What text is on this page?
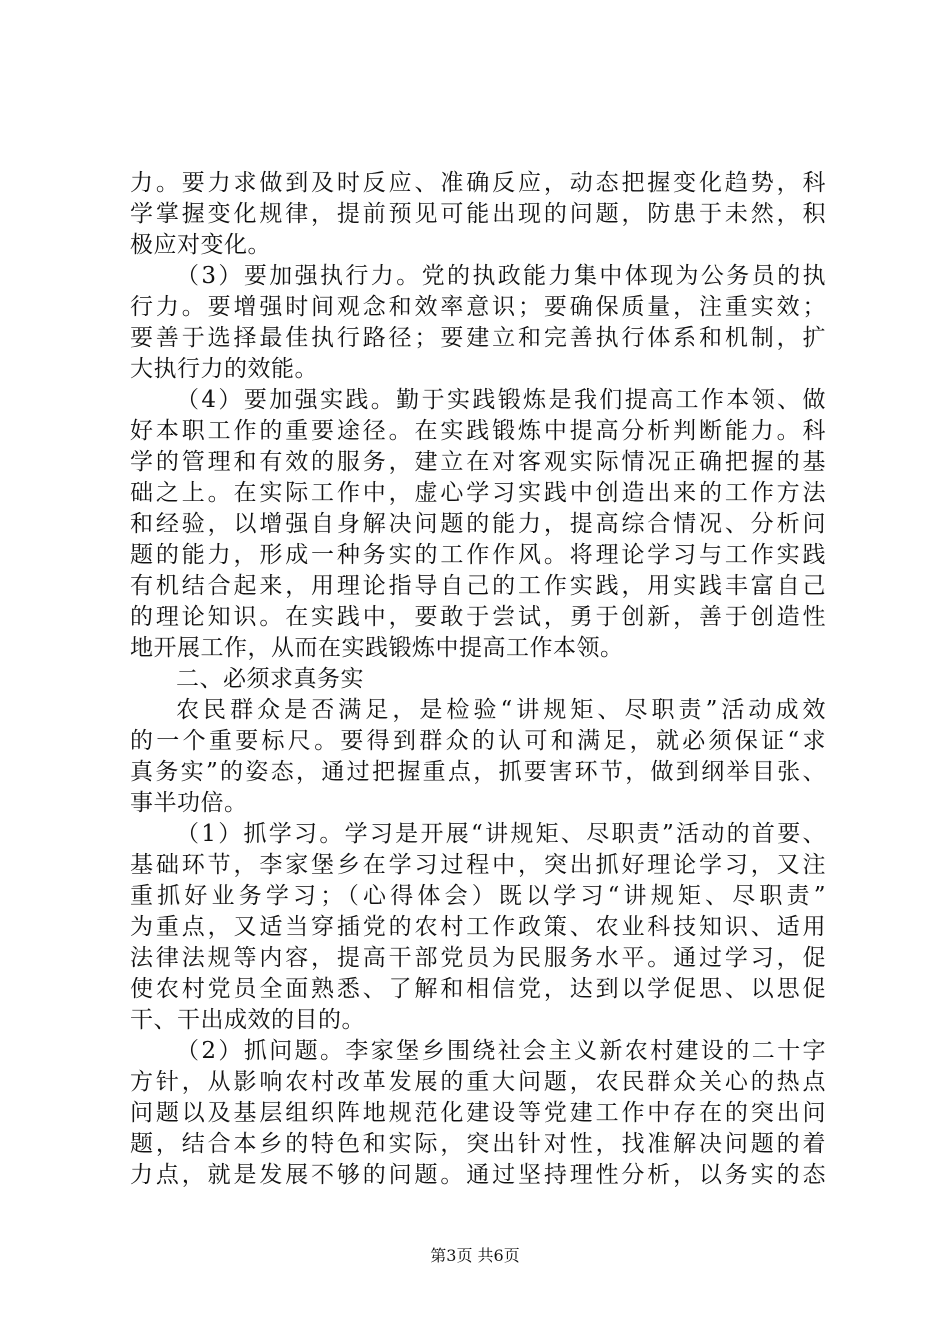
力。要力求做到及时反应、准确反应，动态把握变化趋势，科
学掌握变化规律，提前预见可能出现的问题，防患于未然，积
极应对变化。
（3）要加强执行力。党的执政能力集中体现为公务员的执
行力。要增强时间观念和效率意识；要确保质量，注重实效；
要善于选择最佳执行路径；要建立和完善执行体系和机制，扩
大执行力的效能。
（4）要加强实践。勤于实践锻炼是我们提高工作本领、做
好本职工作的重要途径。在实践锻炼中提高分析判断能力。科
学的管理和有效的服务，建立在对客观实际情况正确把握的基
础之上。在实际工作中，虚心学习实践中创造出来的工作方法
和经验，以增强自身解决问题的能力，提高综合情况、分析问
题的能力，形成一种务实的工作作风。将理论学习与工作实践
有机结合起来，用理论指导自己的工作实践，用实践丰富自己
的理论知识。在实践中，要敢于尝试，勇于创新，善于创造性
地开展工作，从而在实践锻炼中提高工作本领。
二、必须求真务实
农民群众是否满足，是检验“讲规矩、尽职责”活动成效
的一个重要标尺。要得到群众的认可和满足，就必须保证“求
真务实”的姿态，通过把握重点，抓要害环节，做到纲举目张、
事半功倍。
（1）抓学习。学习是开展“讲规矩、尽职责”活动的首要、
基础环节，李家堡乡在学习过程中，突出抓好理论学习，又注
重抓好业务学习；（心得体会）既以学习“讲规矩、尽职责”
为重点，又适当穿插党的农村工作政策、农业科技知识、适用
法律法规等内容，提高干部党员为民服务水平。通过学习，促
使农村党员全面熟悉、了解和相信党，达到以学促思、以思促
干、干出成效的目的。
（2）抓问题。李家堡乡围绕社会主义新农村建设的二十字
方针，从影响农村改革发展的重大问题，农民群众关心的热点
问题以及基层组织阵地规范化建设等党建工作中存在的突出问
题，结合本乡的特色和实际，突出针对性，找准解决问题的着
力点，就是发展不够的问题。通过坚持理性分析，以务实的态
第3页 共6页
